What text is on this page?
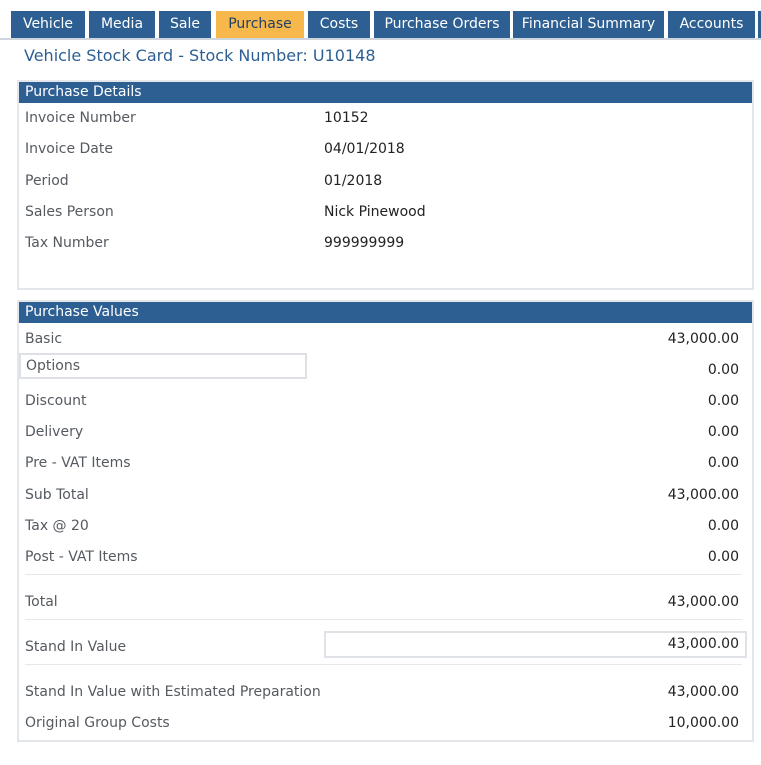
Vehicle	Media	Sale	Purchase	Costs	Purchase Orders	Financial Summary	Accounts
Vehicle Stock Card - Stock Number: U10148
Purchase Details
Invoice Number	10152
Invoice Date	04/01/2018
Period	01/2018
Sales Person	Nick Pinewood
Tax Number	999999999
Purchase Values
Basic	43,000.00
Options	0.00
Discount	0.00
Delivery	0.00
Pre - VAT Items	0.00
Sub Total	43,000.00
Tax @ 20	0.00
Post - VAT Items	0.00
Total	43,000.00
Stand In Value	43,000.00
Stand In Value with Estimated Preparation	43,000.00
Original Group Costs	10,000.00
